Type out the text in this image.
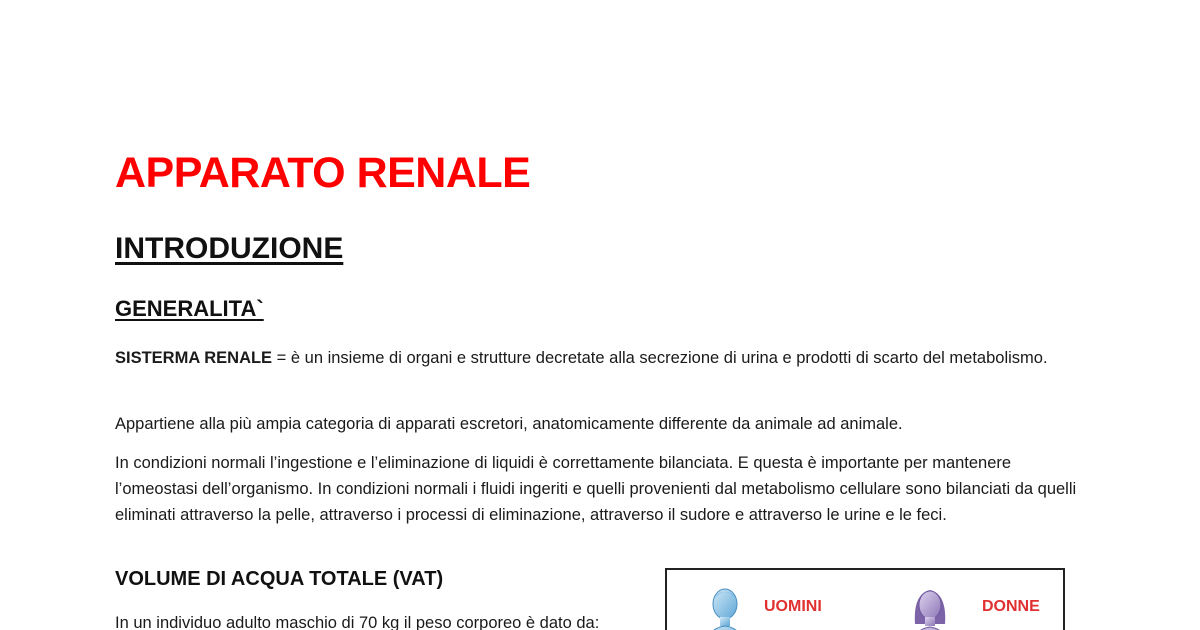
APPARATO RENALE
INTRODUZIONE
GENERALITA`

SISTERMA RENALE = è un insieme di organi e strutture decretate alla secrezione di urina e prodotti di scarto del metabolismo.

Appartiene alla più ampia categoria di apparati escretori, anatomicamente differente da animale ad animale.

In condizioni normali l’ingestione e l’eliminazione di liquidi è correttamente bilanciata. E questa è importante per mantenere l’omeostasi dell’organismo. In condizioni normali i fluidi ingeriti e quelli provenienti dal metabolismo cellulare sono bilanciati da quelli eliminati attraverso la pelle, attraverso i processi di eliminazione, attraverso il sudore e attraverso le urine e le feci.

VOLUME DI ACQUA TOTALE (VAT)

In un individuo adulto maschio di 70 kg il peso corporeo è dato da:

UOMINI	DONNE
